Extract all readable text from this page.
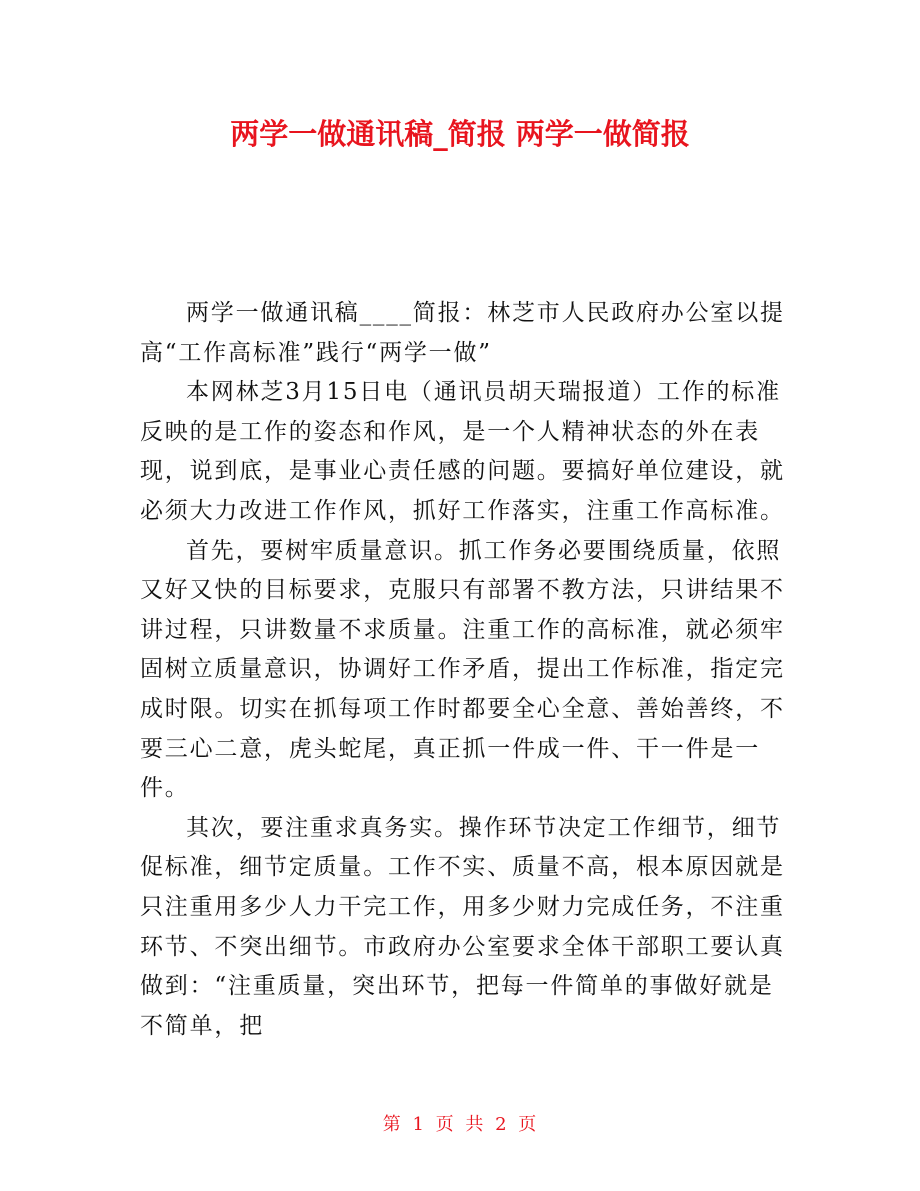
两学一做通讯稿_简报 两学一做简报

两学一做通讯稿____简报：林芝市人民政府办公室以提高“工作高标准”践行“两学一做”

本网林芝3月15日电（通讯员胡天瑞报道）工作的标准反映的是工作的姿态和作风，是一个人精神状态的外在表现，说到底，是事业心责任感的问题。要搞好单位建设，就必须大力改进工作作风，抓好工作落实，注重工作高标准。

首先，要树牢质量意识。抓工作务必要围绕质量，依照又好又快的目标要求，克服只有部署不教方法，只讲结果不讲过程，只讲数量不求质量。注重工作的高标准，就必须牢固树立质量意识，协调好工作矛盾，提出工作标准，指定完成时限。切实在抓每项工作时都要全心全意、善始善终，不要三心二意，虎头蛇尾，真正抓一件成一件、干一件是一件。

其次，要注重求真务实。操作环节决定工作细节，细节促标准，细节定质量。工作不实、质量不高，根本原因就是只注重用多少人力干完工作，用多少财力完成任务，不注重环节、不突出细节。市政府办公室要求全体干部职工要认真做到：“注重质量，突出环节，把每一件简单的事做好就是不简单，把

第 1 页 共 2 页
